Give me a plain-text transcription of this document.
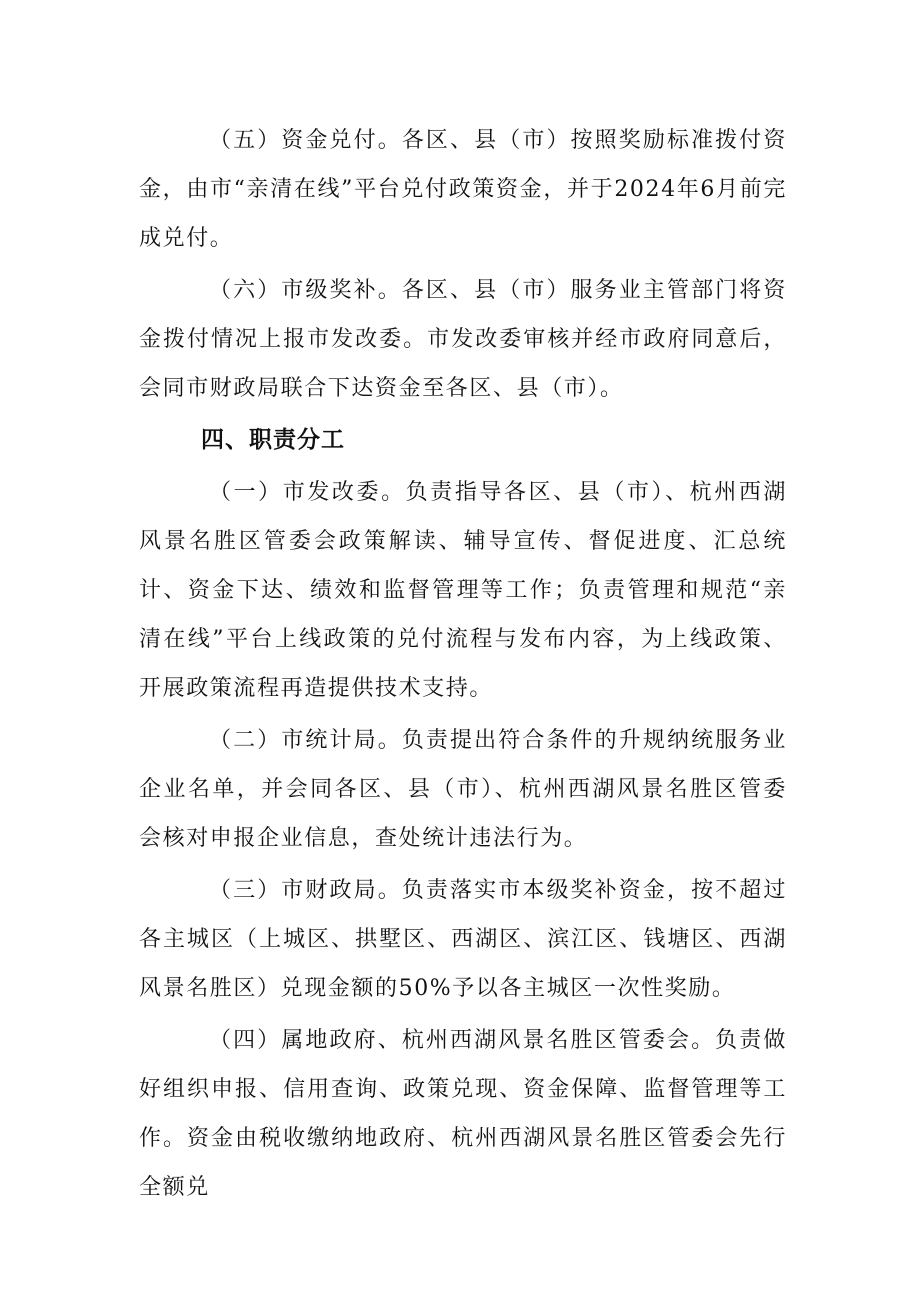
（五）资金兑付。各区、县（市）按照奖励标准拨付资金，由市“亲清在线”平台兑付政策资金，并于2024年6月前完成兑付。

（六）市级奖补。各区、县（市）服务业主管部门将资金拨付情况上报市发改委。市发改委审核并经市政府同意后，会同市财政局联合下达资金至各区、县（市）。

四、职责分工

（一）市发改委。负责指导各区、县（市）、杭州西湖风景名胜区管委会政策解读、辅导宣传、督促进度、汇总统计、资金下达、绩效和监督管理等工作；负责管理和规范“亲清在线”平台上线政策的兑付流程与发布内容，为上线政策、开展政策流程再造提供技术支持。

（二）市统计局。负责提出符合条件的升规纳统服务业企业名单，并会同各区、县（市）、杭州西湖风景名胜区管委会核对申报企业信息，查处统计违法行为。

（三）市财政局。负责落实市本级奖补资金，按不超过各主城区（上城区、拱墅区、西湖区、滨江区、钱塘区、西湖风景名胜区）兑现金额的50%予以各主城区一次性奖励。

（四）属地政府、杭州西湖风景名胜区管委会。负责做好组织申报、信用查询、政策兑现、资金保障、监督管理等工作。资金由税收缴纳地政府、杭州西湖风景名胜区管委会先行全额兑
